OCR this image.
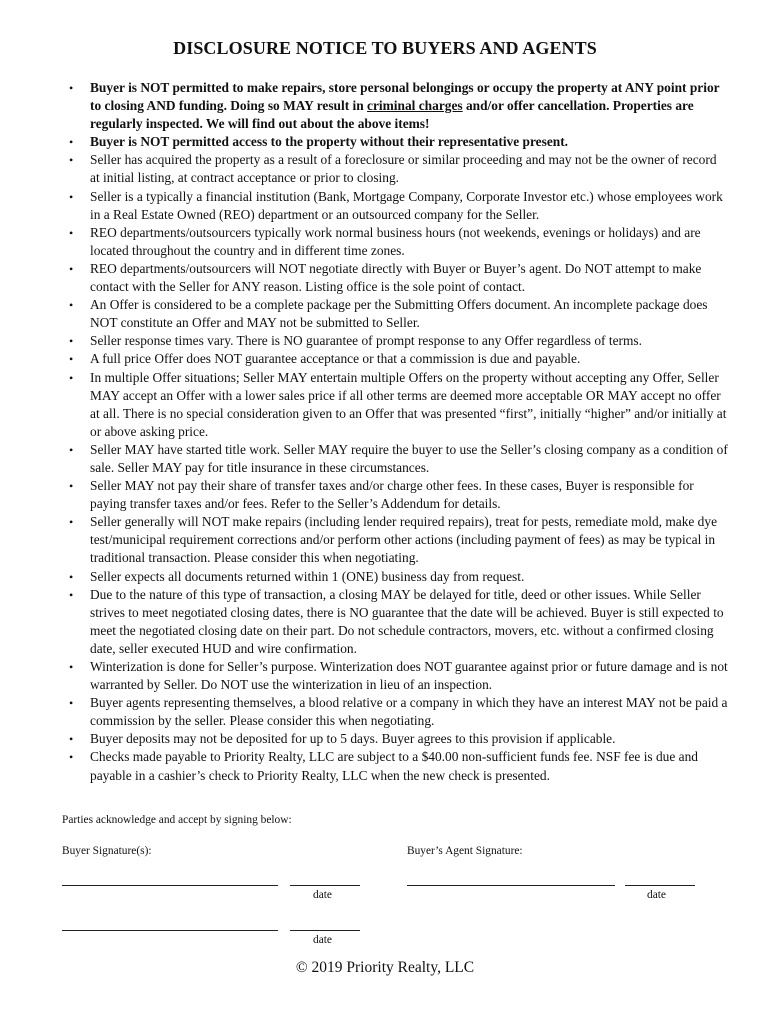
DISCLOSURE NOTICE TO BUYERS AND AGENTS
• Buyer is NOT permitted to make repairs, store personal belongings or occupy the property at ANY point prior to closing AND funding. Doing so MAY result in criminal charges and/or offer cancellation. Properties are regularly inspected. We will find out about the above items!
• Buyer is NOT permitted access to the property without their representative present.
• Seller has acquired the property as a result of a foreclosure or similar proceeding and may not be the owner of record at initial listing, at contract acceptance or prior to closing.
• Seller is a typically a financial institution (Bank, Mortgage Company, Corporate Investor etc.) whose employees work in a Real Estate Owned (REO) department or an outsourced company for the Seller.
• REO departments/outsourcers typically work normal business hours (not weekends, evenings or holidays) and are located throughout the country and in different time zones.
• REO departments/outsourcers will NOT negotiate directly with Buyer or Buyer’s agent. Do NOT attempt to make contact with the Seller for ANY reason. Listing office is the sole point of contact.
• An Offer is considered to be a complete package per the Submitting Offers document. An incomplete package does NOT constitute an Offer and MAY not be submitted to Seller.
• Seller response times vary. There is NO guarantee of prompt response to any Offer regardless of terms.
• A full price Offer does NOT guarantee acceptance or that a commission is due and payable.
• In multiple Offer situations; Seller MAY entertain multiple Offers on the property without accepting any Offer, Seller MAY accept an Offer with a lower sales price if all other terms are deemed more acceptable OR MAY accept no offer at all. There is no special consideration given to an Offer that was presented “first”, initially “higher” and/or initially at or above asking price.
• Seller MAY have started title work. Seller MAY require the buyer to use the Seller’s closing company as a condition of sale. Seller MAY pay for title insurance in these circumstances.
• Seller MAY not pay their share of transfer taxes and/or charge other fees. In these cases, Buyer is responsible for paying transfer taxes and/or fees. Refer to the Seller’s Addendum for details.
• Seller generally will NOT make repairs (including lender required repairs), treat for pests, remediate mold, make dye test/municipal requirement corrections and/or perform other actions (including payment of fees) as may be typical in traditional transaction. Please consider this when negotiating.
• Seller expects all documents returned within 1 (ONE) business day from request.
• Due to the nature of this type of transaction, a closing MAY be delayed for title, deed or other issues. While Seller strives to meet negotiated closing dates, there is NO guarantee that the date will be achieved. Buyer is still expected to meet the negotiated closing date on their part. Do not schedule contractors, movers, etc. without a confirmed closing date, seller executed HUD and wire confirmation.
• Winterization is done for Seller’s purpose. Winterization does NOT guarantee against prior or future damage and is not warranted by Seller. Do NOT use the winterization in lieu of an inspection.
• Buyer agents representing themselves, a blood relative or a company in which they have an interest MAY not be paid a commission by the seller. Please consider this when negotiating.
• Buyer deposits may not be deposited for up to 5 days. Buyer agrees to this provision if applicable.
• Checks made payable to Priority Realty, LLC are subject to a $40.00 non-sufficient funds fee. NSF fee is due and payable in a cashier’s check to Priority Realty, LLC when the new check is presented.
Parties acknowledge and accept by signing below:
Buyer Signature(s):	Buyer’s Agent Signature:
date	date
date
© 2019 Priority Realty, LLC
